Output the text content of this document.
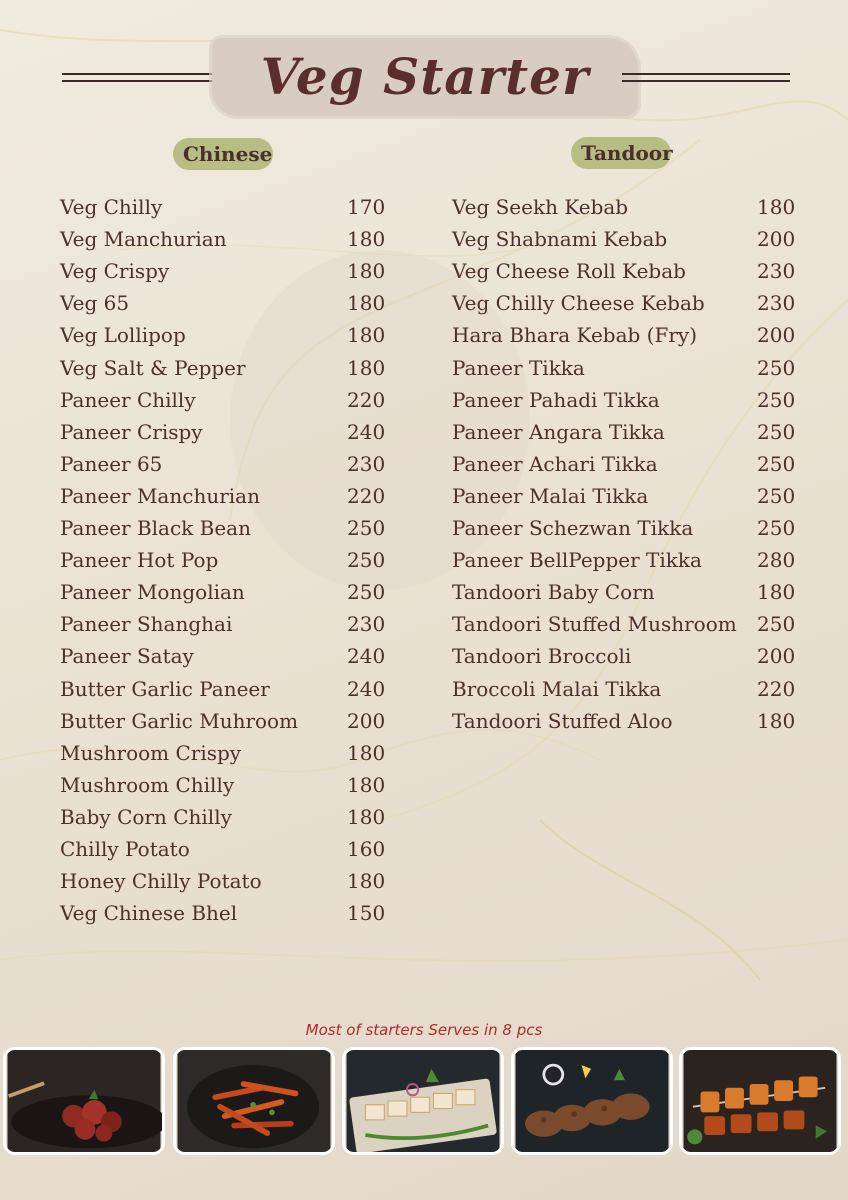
Veg Starter
Chinese	Tandoor
Veg Chilly	170
Veg Manchurian	180
Veg Crispy	180
Veg 65	180
Veg Lollipop	180
Veg Salt & Pepper	180
Paneer Chilly	220
Paneer Crispy	240
Paneer 65	230
Paneer Manchurian	220
Paneer Black Bean	250
Paneer Hot Pop	250
Paneer Mongolian	250
Paneer Shanghai	230
Paneer Satay	240
Butter Garlic Paneer	240
Butter Garlic Muhroom 200
Mushroom Crispy	180
Mushroom Chilly	180
Baby Corn Chilly	180
Chilly Potato	160
Honey Chilly Potato	180
Veg Chinese Bhel	150
Veg Seekh Kebab	180
Veg Shabnami Kebab	200
Veg Cheese Roll Kebab	230
Veg Chilly Cheese Kebab	230
Hara Bhara Kebab (Fry)	200
Paneer Tikka	250
Paneer Pahadi Tikka	250
Paneer Angara Tikka	250
Paneer Achari Tikka	250
Paneer Malai Tikka	250
Paneer Schezwan Tikka	250
Paneer BellPepper Tikka	280
Tandoori Baby Corn	180
Tandoori Stuffed Mushroom 250
Tandoori Broccoli	200
Broccoli Malai Tikka	220
Tandoori Stuffed Aloo	180
Most of starters Serves in 8 pcs
